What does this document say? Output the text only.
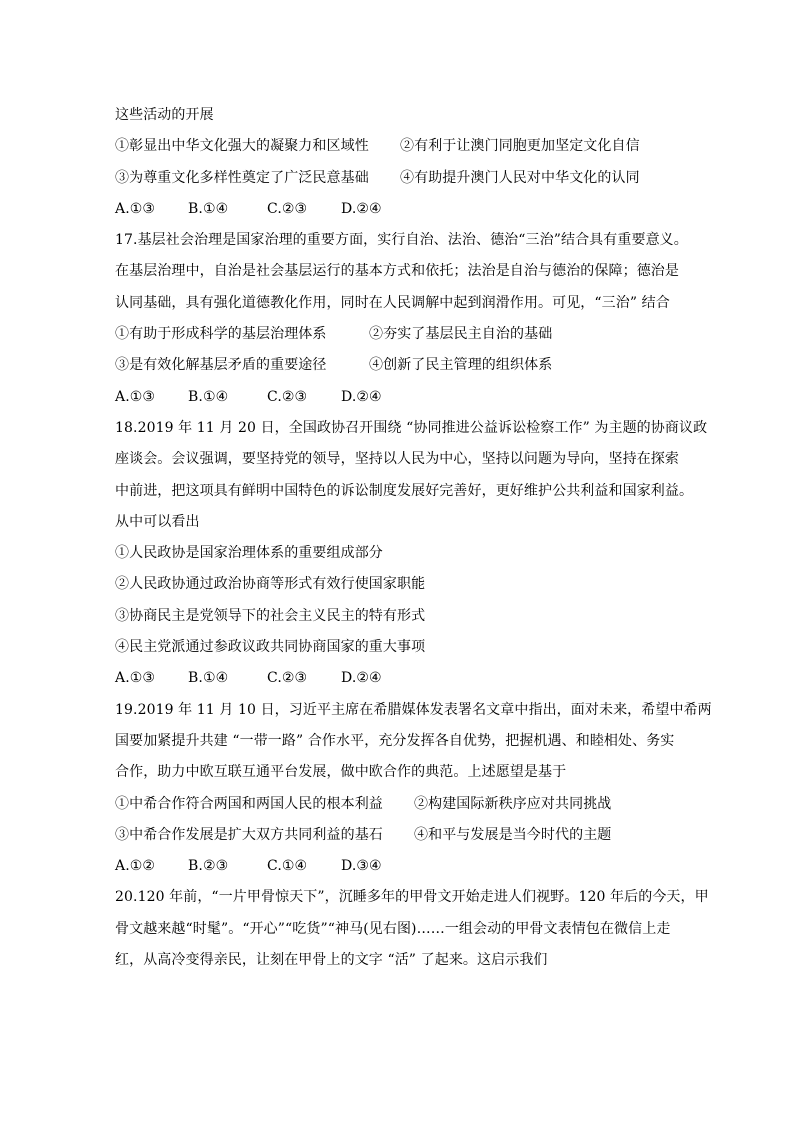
这些活动的开展
①彰显出中华文化强大的凝聚力和区域性	②有利于让澳门同胞更加坚定文化自信
③为尊重文化多样性奠定了广泛民意基础	④有助提升澳门人民对中华文化的认同
A.①③	B.①④	C.②③	D.②④
17.基层社会治理是国家治理的重要方面，实行自治、法治、德治“三治”结合具有重要意义。
在基层治理中，自治是社会基层运行的基本方式和依托；法治是自治与德治的保障；德治是
认同基础，具有强化道德教化作用，同时在人民调解中起到润滑作用。可见，“三治” 结合
①有助于形成科学的基层治理体系	②夯实了基层民主自治的基础
③是有效化解基层矛盾的重要途径	④创新了民主管理的组织体系
A.①③	B.①④	C.②③	D.②④
18.2019 年 11 月 20 日，全国政协召开围绕 “协同推进公益诉讼检察工作” 为主题的协商议政
座谈会。会议强调，要坚持党的领导，坚持以人民为中心，坚持以问题为导向，坚持在探索
中前进，把这项具有鲜明中国特色的诉讼制度发展好完善好，更好维护公共利益和国家利益。
从中可以看出
①人民政协是国家治理体系的重要组成部分
②人民政协通过政治协商等形式有效行使国家职能
③协商民主是党领导下的社会主义民主的特有形式
④民主党派通过参政议政共同协商国家的重大事项
A.①③	B.①④	C.②③	D.②④
19.2019 年 11 月 10 日，习近平主席在希腊媒体发表署名文章中指出，面对未来，希望中希两
国要加紧提升共建 “一带一路” 合作水平，充分发挥各自优势，把握机遇、和睦相处、务实
合作，助力中欧互联互通平台发展，做中欧合作的典范。上述愿望是基于
①中希合作符合两国和两国人民的根本利益	②构建国际新秩序应对共同挑战
③中希合作发展是扩大双方共同利益的基石	④和平与发展是当今时代的主题
A.①②	B.②③	C.①④	D.③④
20.120 年前，“一片甲骨惊天下”，沉睡多年的甲骨文开始走进人们视野。120 年后的今天，甲
骨文越来越“时髦”。“开心”“吃货”“神马(见右图)……一组会动的甲骨文表情包在微信上走
红，从高冷变得亲民，让刻在甲骨上的文字 “活” 了起来。这启示我们
